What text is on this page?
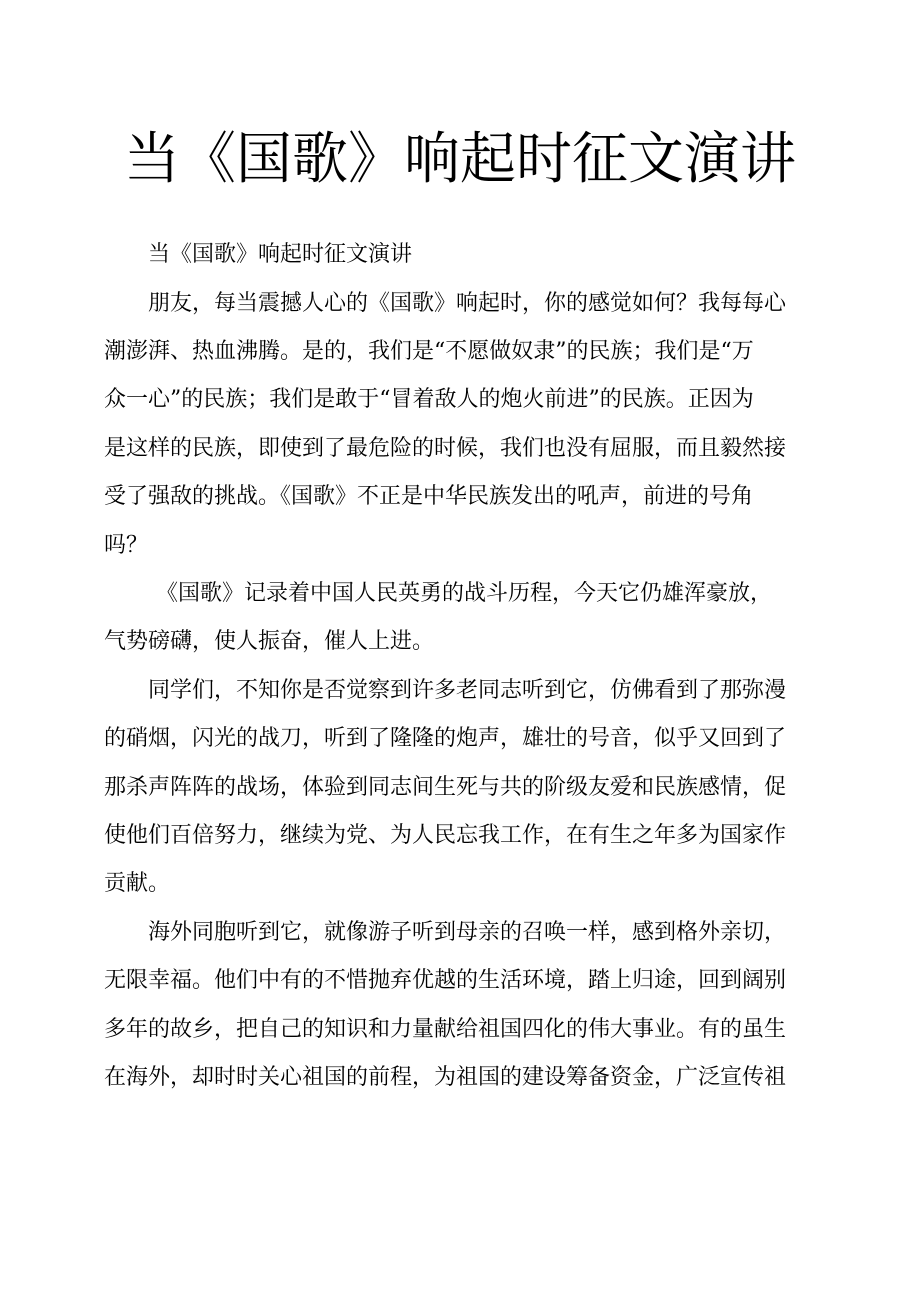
当《国歌》响起时征文演讲
当《国歌》响起时征文演讲
朋友，每当震撼人心的《国歌》响起时，你的感觉如何？我每每心
潮澎湃、热血沸腾。是的，我们是“不愿做奴隶”的民族；我们是“万
众一心”的民族；我们是敢于“冒着敌人的炮火前进”的民族。正因为
是这样的民族，即使到了最危险的时候，我们也没有屈服，而且毅然接
受了强敌的挑战。《国歌》不正是中华民族发出的吼声，前进的号角
吗？
《国歌》记录着中国人民英勇的战斗历程，今天它仍雄浑豪放，
气势磅礴，使人振奋，催人上进。
同学们，不知你是否觉察到许多老同志听到它，仿佛看到了那弥漫
的硝烟，闪光的战刀，听到了隆隆的炮声，雄壮的号音，似乎又回到了
那杀声阵阵的战场，体验到同志间生死与共的阶级友爱和民族感情，促
使他们百倍努力，继续为党、为人民忘我工作，在有生之年多为国家作
贡献。
海外同胞听到它，就像游子听到母亲的召唤一样，感到格外亲切，
无限幸福。他们中有的不惜抛弃优越的生活环境，踏上归途，回到阔别
多年的故乡，把自己的知识和力量献给祖国四化的伟大事业。有的虽生
在海外，却时时关心祖国的前程，为祖国的建设筹备资金，广泛宣传祖
